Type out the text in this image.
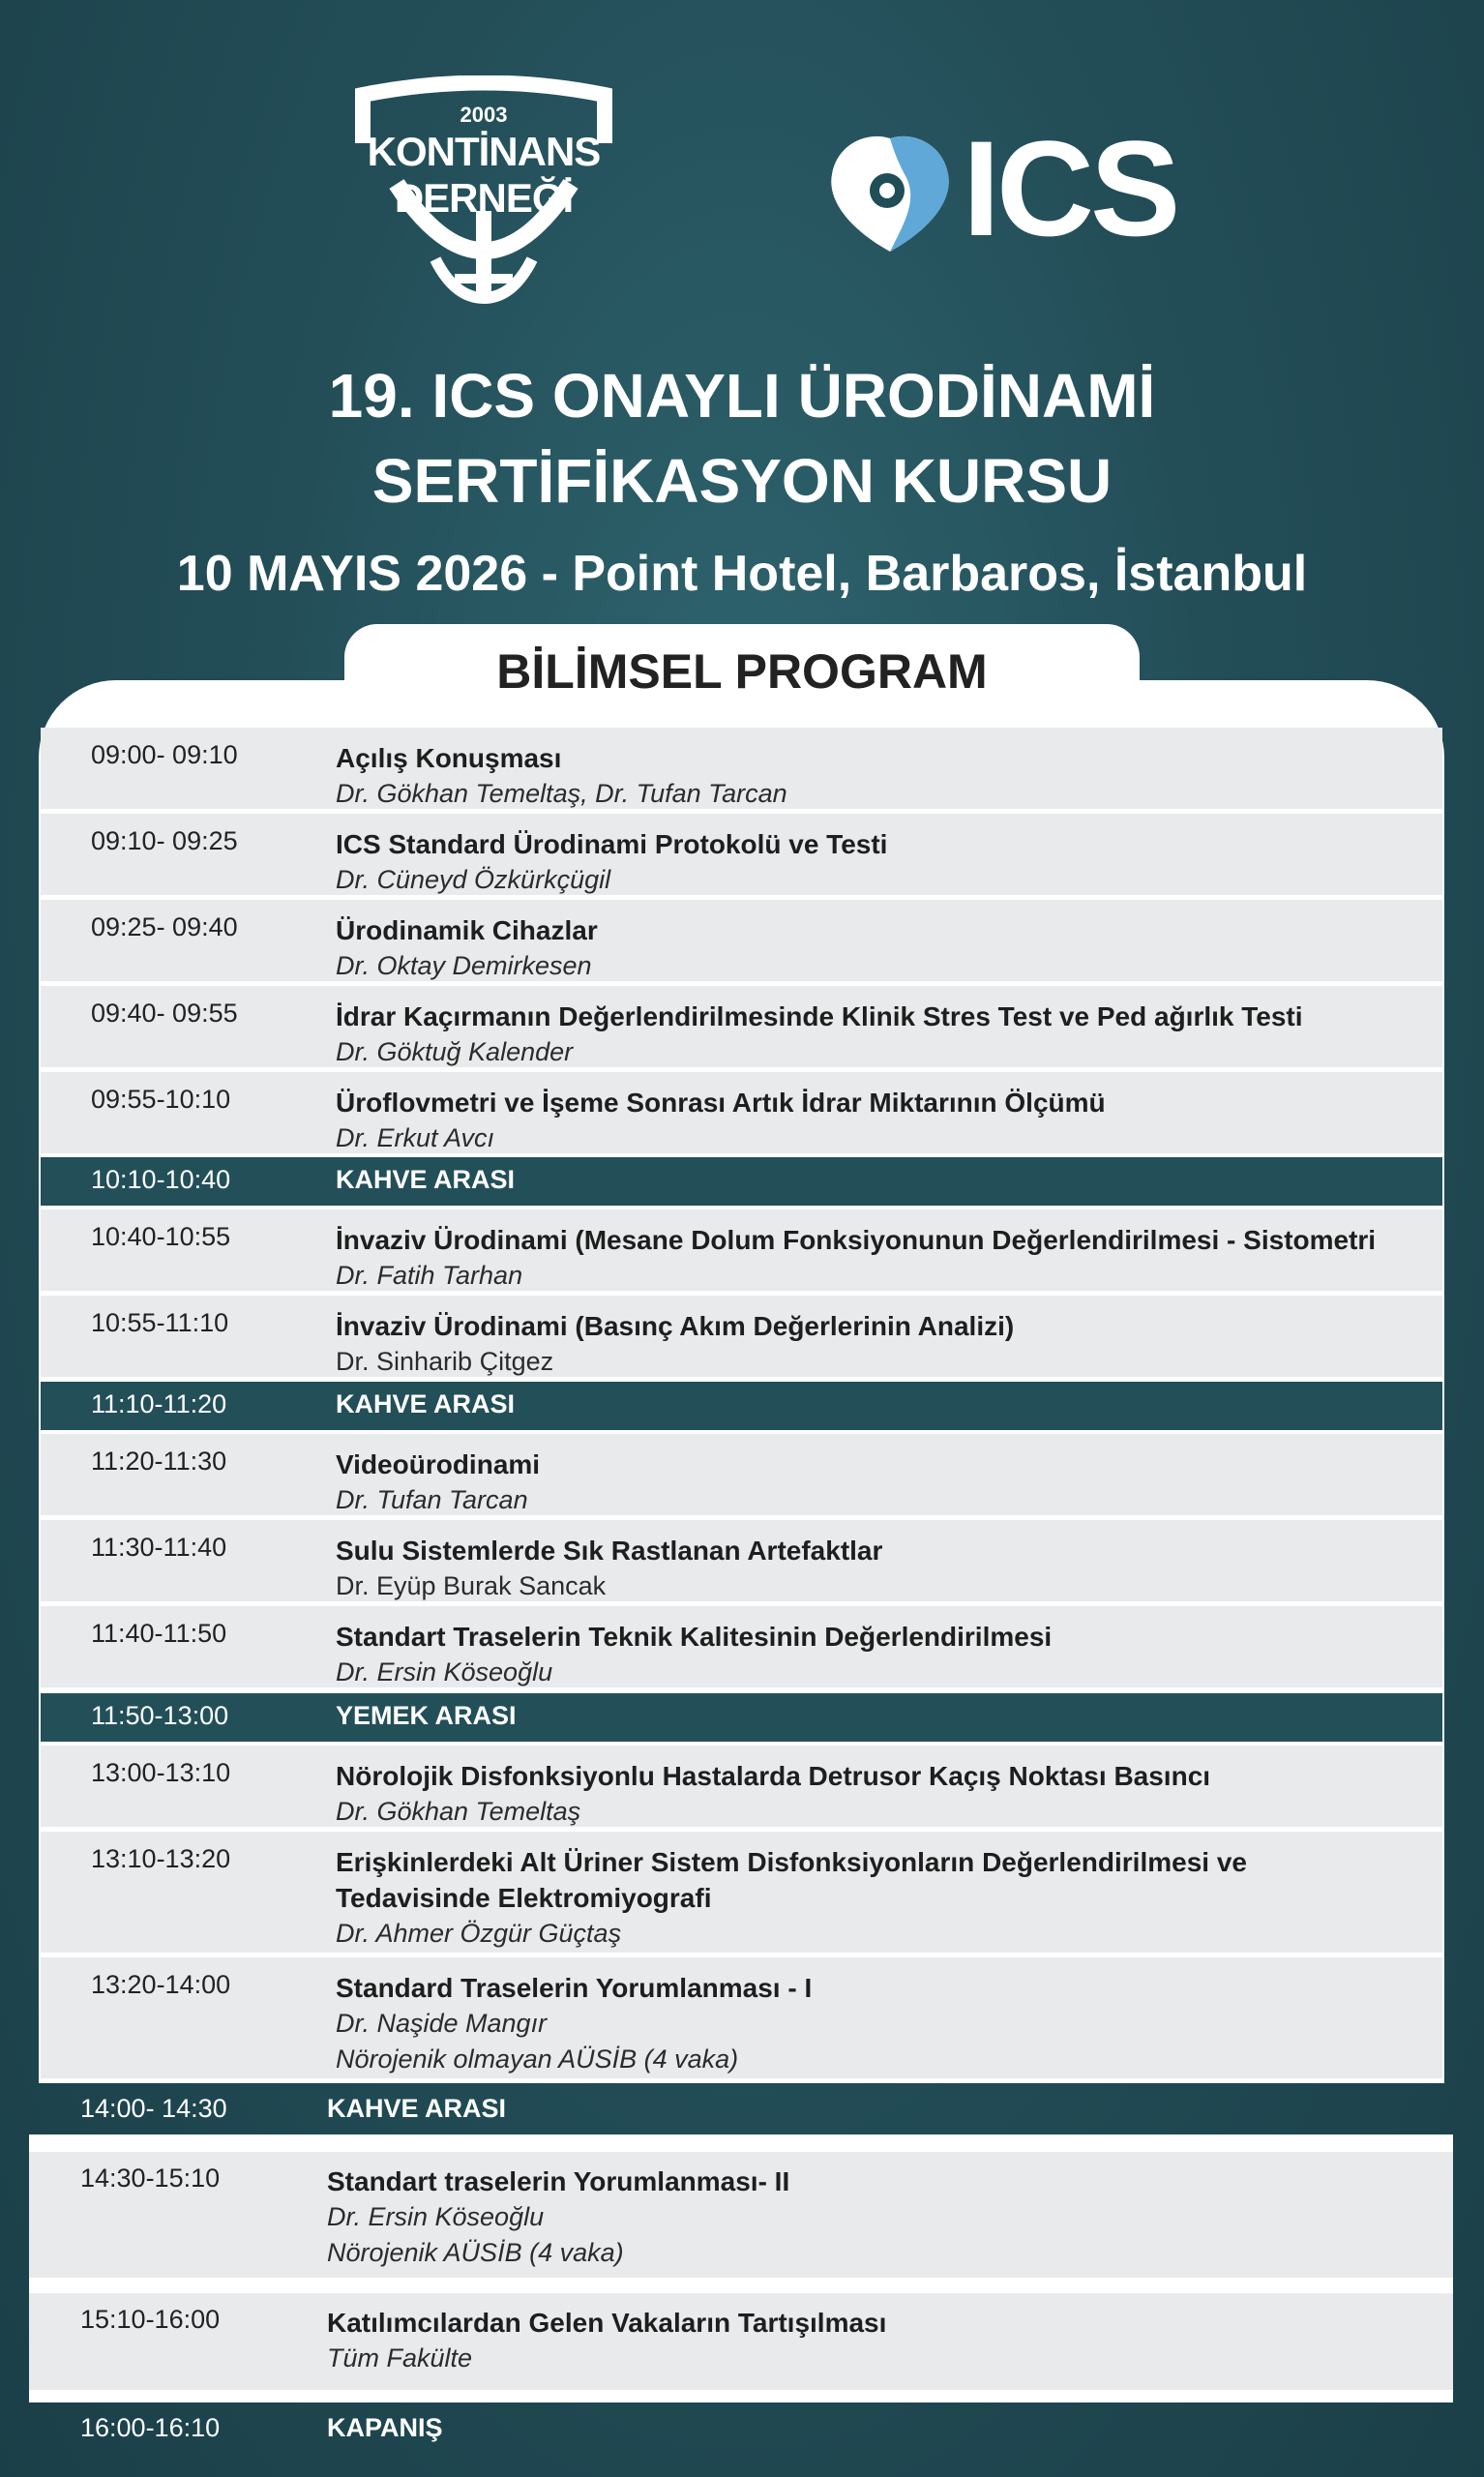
2003
KONTİNANS DERNEĞİ	ICS
19. ICS ONAYLI ÜRODİNAMİ
SERTİFİKASYON KURSU
10 MAYIS 2026 - Point Hotel, Barbaros, İstanbul
BİLİMSEL PROGRAM
09:00- 09:10	Açılış Konuşması
Dr. Gökhan Temeltaş, Dr. Tufan Tarcan
09:10- 09:25	ICS Standard Ürodinami Protokolü ve Testi
Dr. Cüneyd Özkürkçügil
09:25- 09:40	Ürodinamik Cihazlar
Dr. Oktay Demirkesen
09:40- 09:55	İdrar Kaçırmanın Değerlendirilmesinde Klinik Stres Test ve Ped ağırlık Testi
Dr. Göktuğ Kalender
09:55-10:10	Üroflovmetri ve İşeme Sonrası Artık İdrar Miktarının Ölçümü
Dr. Erkut Avcı
10:10-10:40	KAHVE ARASI
10:40-10:55	İnvaziv Ürodinami (Mesane Dolum Fonksiyonunun Değerlendirilmesi - Sistometri
Dr. Fatih Tarhan
10:55-11:10	İnvaziv Ürodinami (Basınç Akım Değerlerinin Analizi)
Dr. Sinharib Çitgez
11:10-11:20	KAHVE ARASI
11:20-11:30	Videoürodinami
Dr. Tufan Tarcan
11:30-11:40	Sulu Sistemlerde Sık Rastlanan Artefaktlar
Dr. Eyüp Burak Sancak
11:40-11:50	Standart Traselerin Teknik Kalitesinin Değerlendirilmesi
Dr. Ersin Köseoğlu
11:50-13:00	YEMEK ARASI
13:00-13:10	Nörolojik Disfonksiyonlu Hastalarda Detrusor Kaçış Noktası Basıncı
Dr. Gökhan Temeltaş
13:10-13:20	Erişkinlerdeki Alt Üriner Sistem Disfonksiyonların Değerlendirilmesi ve
Tedavisinde Elektromiyografi
Dr. Ahmer Özgür Güçtaş
13:20-14:00	Standard Traselerin Yorumlanması - I
Dr. Naşide Mangır
Nörojenik olmayan AÜSİB (4 vaka)
14:00- 14:30	KAHVE ARASI
14:30-15:10	Standart traselerin Yorumlanması- II
Dr. Ersin Köseoğlu
Nörojenik AÜSİB (4 vaka)
15:10-16:00	Katılımcılardan Gelen Vakaların Tartışılması
Tüm Fakülte
16:00-16:10	KAPANIŞ
